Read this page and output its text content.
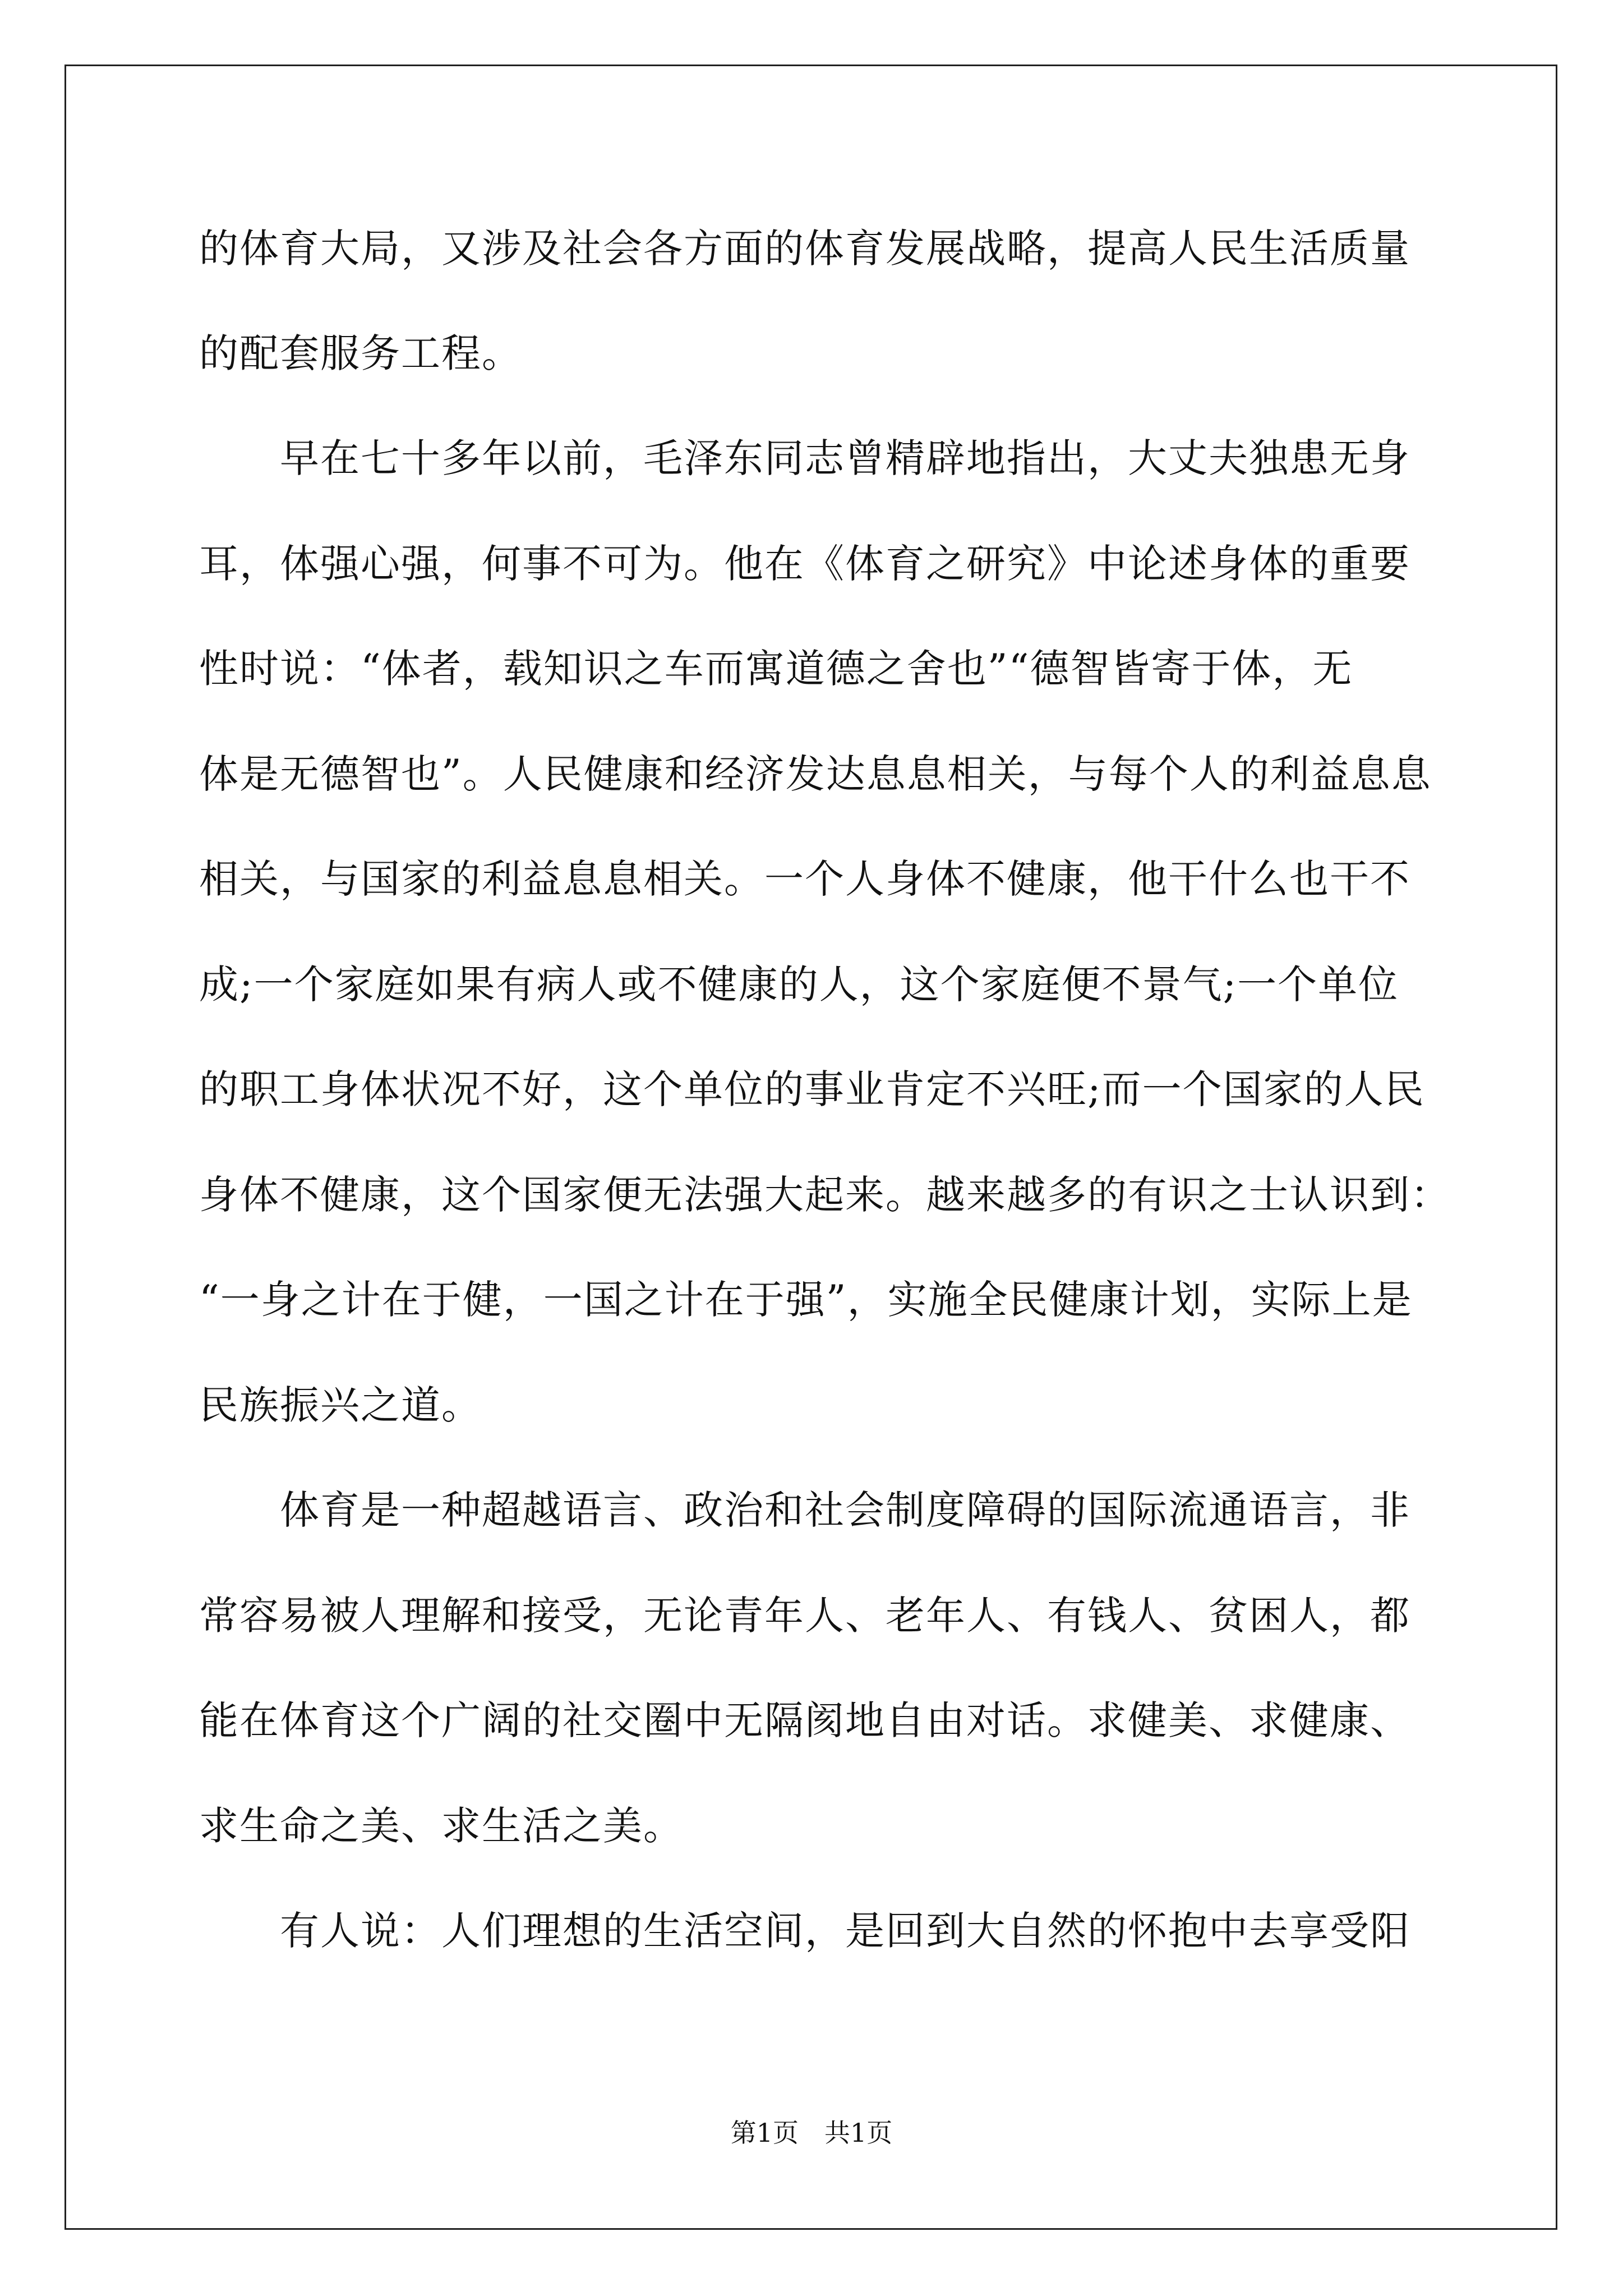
的体育大局，又涉及社会各方面的体育发展战略，提高人民生活质量
的配套服务工程。
　　早在七十多年以前，毛泽东同志曾精辟地指出，大丈夫独患无身
耳，体强心强，何事不可为。他在《体育之研究》中论述身体的重要
性时说：“体者，载知识之车而寓道德之舍也”“德智皆寄于体，无
体是无德智也”。人民健康和经济发达息息相关，与每个人的利益息息
相关，与国家的利益息息相关。一个人身体不健康，他干什么也干不
成;一个家庭如果有病人或不健康的人，这个家庭便不景气;一个单位
的职工身体状况不好，这个单位的事业肯定不兴旺;而一个国家的人民
身体不健康，这个国家便无法强大起来。越来越多的有识之士认识到：
“一身之计在于健，一国之计在于强”，实施全民健康计划，实际上是
民族振兴之道。
　　体育是一种超越语言、政治和社会制度障碍的国际流通语言，非
常容易被人理解和接受，无论青年人、老年人、有钱人、贫困人，都
能在体育这个广阔的社交圈中无隔阂地自由对话。求健美、求健康、
求生命之美、求生活之美。
　　有人说：人们理想的生活空间，是回到大自然的怀抱中去享受阳
第1页　共1页
